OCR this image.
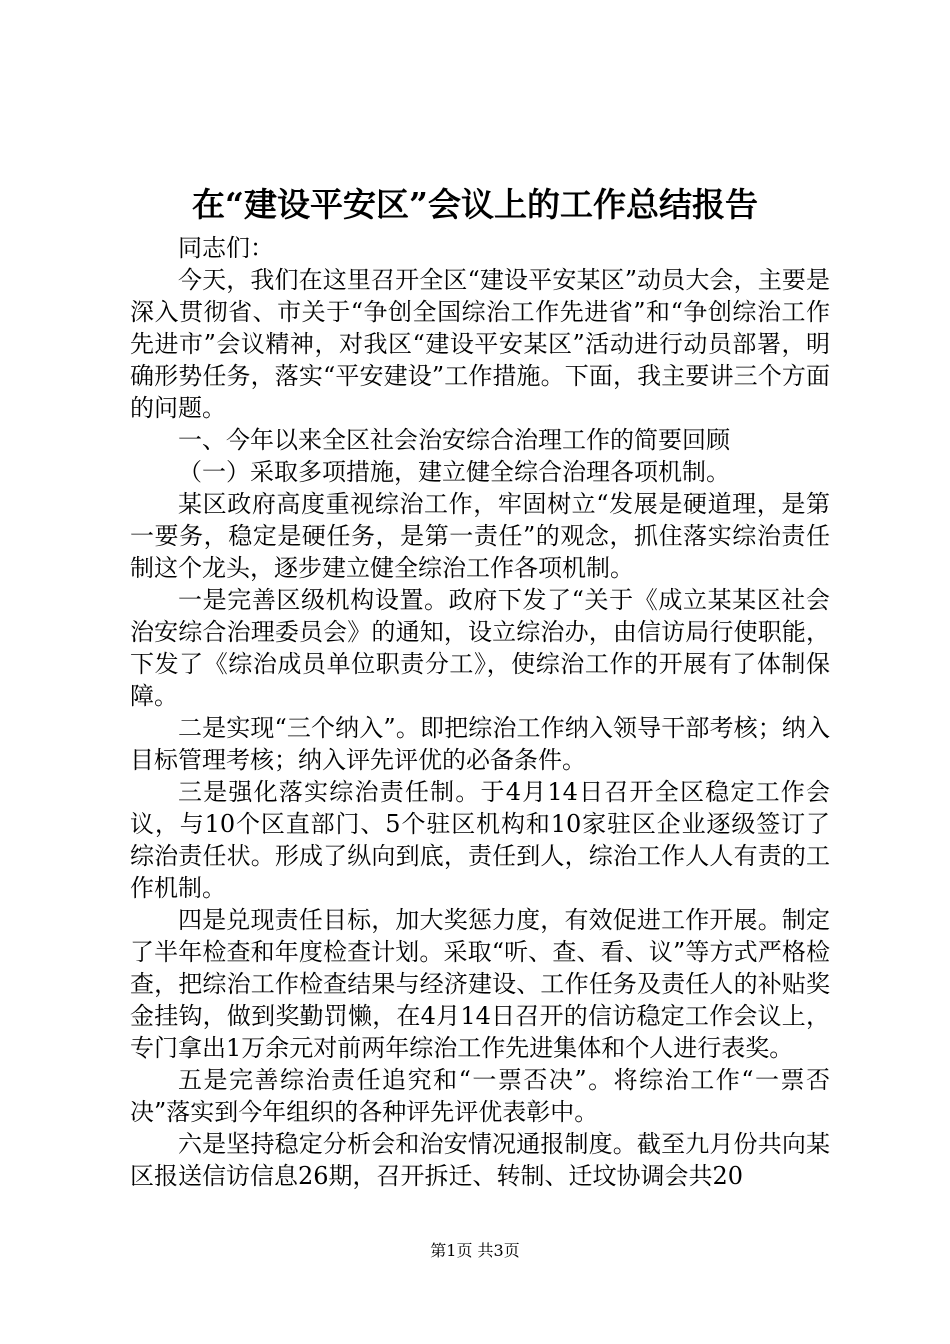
在“建设平安区”会议上的工作总结报告

同志们：

今天，我们在这里召开全区“建设平安某区”动员大会，主要是深入贯彻省、市关于“争创全国综治工作先进省”和“争创综治工作先进市”会议精神，对我区“建设平安某区”活动进行动员部署，明确形势任务，落实“平安建设”工作措施。下面，我主要讲三个方面的问题。

一、今年以来全区社会治安综合治理工作的简要回顾

（一）采取多项措施，建立健全综合治理各项机制。

某区政府高度重视综治工作，牢固树立“发展是硬道理，是第一要务，稳定是硬任务，是第一责任”的观念，抓住落实综治责任制这个龙头，逐步建立健全综治工作各项机制。

一是完善区级机构设置。政府下发了“关于《成立某某区社会治安综合治理委员会》的通知，设立综治办，由信访局行使职能，下发了《综治成员单位职责分工》，使综治工作的开展有了体制保障。

二是实现“三个纳入”。即把综治工作纳入领导干部考核；纳入目标管理考核；纳入评先评优的必备条件。

三是强化落实综治责任制。于4月14日召开全区稳定工作会议，与10个区直部门、5个驻区机构和10家驻区企业逐级签订了综治责任状。形成了纵向到底，责任到人，综治工作人人有责的工作机制。

四是兑现责任目标，加大奖惩力度，有效促进工作开展。制定了半年检查和年度检查计划。采取“听、查、看、议”等方式严格检查，把综治工作检查结果与经济建设、工作任务及责任人的补贴奖金挂钩，做到奖勤罚懒，在4月14日召开的信访稳定工作会议上，专门拿出1万余元对前两年综治工作先进集体和个人进行表奖。

五是完善综治责任追究和“一票否决”。将综治工作“一票否决”落实到今年组织的各种评先评优表彰中。

六是坚持稳定分析会和治安情况通报制度。截至九月份共向某区报送信访信息26期，召开拆迁、转制、迁坟协调会共20

第1页 共3页
